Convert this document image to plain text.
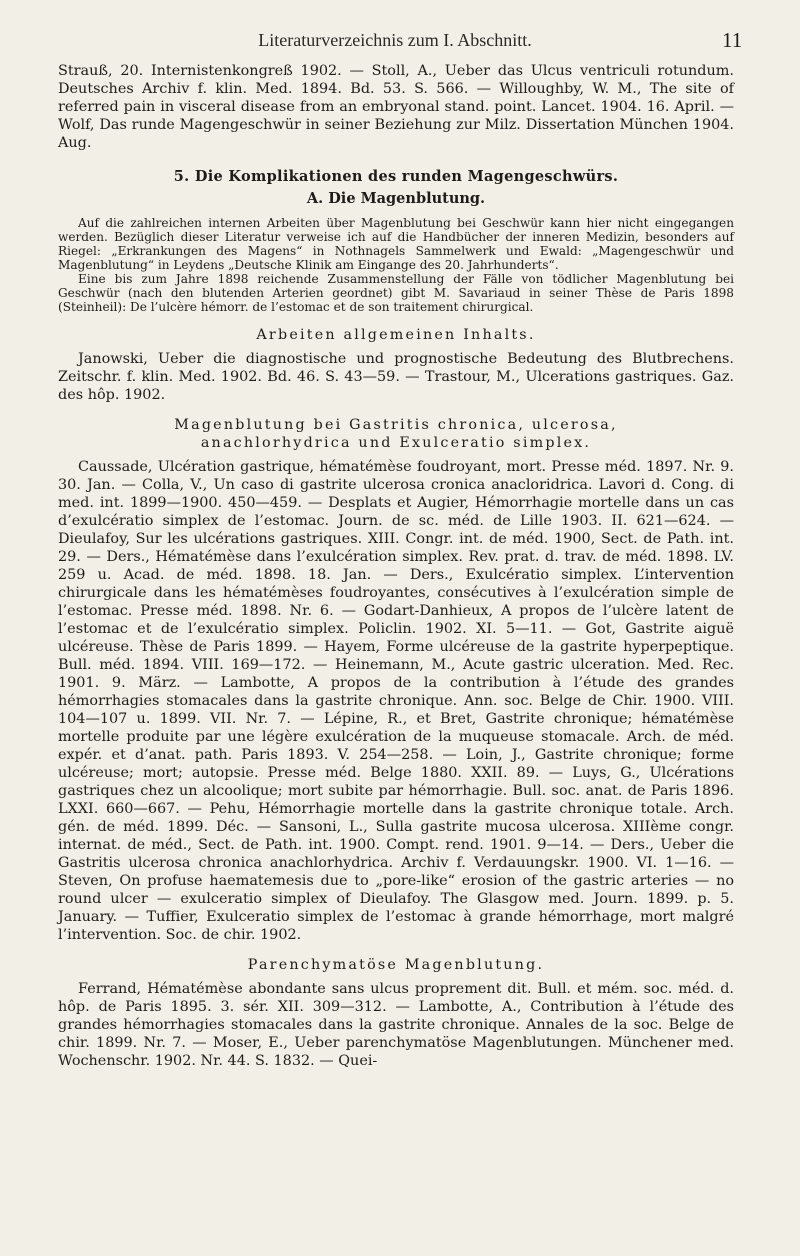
Literaturverzeichnis zum I. Abschnitt.	11

Strauß, 20. Internistenkongreß 1902. — Stoll, A., Ueber das Ulcus ventriculi rotundum. Deutsches Archiv f. klin. Med. 1894. Bd. 53. S. 566. — Willoughby, W. M., The site of referred pain in visceral disease from an embryonal stand. point. Lancet. 1904. 16. April. — Wolf, Das runde Magengeschwür in seiner Beziehung zur Milz. Dissertation München 1904. Aug.

5. Die Komplikationen des runden Magengeschwürs.
A. Die Magenblutung.

Auf die zahlreichen internen Arbeiten über Magenblutung bei Geschwür kann hier nicht eingegangen werden. Bezüglich dieser Literatur verweise ich auf die Handbücher der inneren Medizin, besonders auf Riegel: „Erkrankungen des Magens“ in Nothnagels Sammelwerk und Ewald: „Magengeschwür und Magenblutung“ in Leydens „Deutsche Klinik am Eingange des 20. Jahrhunderts“.

Eine bis zum Jahre 1898 reichende Zusammenstellung der Fälle von tödlicher Magenblutung bei Geschwür (nach den blutenden Arterien geordnet) gibt M. Savariaud in seiner Thèse de Paris 1898 (Steinheil): De l’ulcère hémorr. de l’estomac et de son traitement chirurgical.

Arbeiten allgemeinen Inhalts.

Janowski, Ueber die diagnostische und prognostische Bedeutung des Blutbrechens. Zeitschr. f. klin. Med. 1902. Bd. 46. S. 43—59. — Trastour, M., Ulcerations gastriques. Gaz. des hôp. 1902.

Magenblutung bei Gastritis chronica, ulcerosa,
anachlorhydrica und Exulceratio simplex.

Caussade, Ulcération gastrique, hématémèse foudroyant, mort. Presse méd. 1897. Nr. 9. 30. Jan. — Colla, V., Un caso di gastrite ulcerosa cronica anacloridrica. Lavori d. Cong. di med. int. 1899—1900. 450—459. — Desplats et Augier, Hémorrhagie mortelle dans un cas d’exulcératio simplex de l’estomac. Journ. de sc. méd. de Lille 1903. II. 621—624. — Dieulafoy, Sur les ulcérations gastriques. XIII. Congr. int. de méd. 1900, Sect. de Path. int. 29. — Ders., Hématémèse dans l’exulcération simplex. Rev. prat. d. trav. de méd. 1898. LV. 259 u. Acad. de méd. 1898. 18. Jan. — Ders., Exulcératio simplex. L’intervention chirurgicale dans les hématémèses foudroyantes, consécutives à l’exulcération simple de l’estomac. Presse méd. 1898. Nr. 6. — Godart-Danhieux, A propos de l’ulcère latent de l’estomac et de l’exulcératio simplex. Policlin. 1902. XI. 5—11. — Got, Gastrite aiguë ulcéreuse. Thèse de Paris 1899. — Hayem, Forme ulcéreuse de la gastrite hyperpeptique. Bull. méd. 1894. VIII. 169—172. — Heinemann, M., Acute gastric ulceration. Med. Rec. 1901. 9. März. — Lambotte, A propos de la contribution à l’étude des grandes hémorrhagies stomacales dans la gastrite chronique. Ann. soc. Belge de Chir. 1900. VIII. 104—107 u. 1899. VII. Nr. 7. — Lépine, R., et Bret, Gastrite chronique; hématémèse mortelle produite par une légère exulcération de la muqueuse stomacale. Arch. de méd. expér. et d’anat. path. Paris 1893. V. 254—258. — Loin, J., Gastrite chronique; forme ulcéreuse; mort; autopsie. Presse méd. Belge 1880. XXII. 89. — Luys, G., Ulcérations gastriques chez un alcoolique; mort subite par hémorrhagie. Bull. soc. anat. de Paris 1896. LXXI. 660—667. — Pehu, Hémorrhagie mortelle dans la gastrite chronique totale. Arch. gén. de méd. 1899. Déc. — Sansoni, L., Sulla gastrite mucosa ulcerosa. XIIIème congr. internat. de méd., Sect. de Path. int. 1900. Compt. rend. 1901. 9—14. — Ders., Ueber die Gastritis ulcerosa chronica anachlorhydrica. Archiv f. Verdauungskr. 1900. VI. 1—16. — Steven, On profuse haematemesis due to „pore-like“ erosion of the gastric arteries — no round ulcer — exulceratio simplex of Dieulafoy. The Glasgow med. Journ. 1899. p. 5. January. — Tuffier, Exulceratio simplex de l’estomac à grande hémorrhage, mort malgré l’intervention. Soc. de chir. 1902.

Parenchymatöse Magenblutung.

Ferrand, Hématémèse abondante sans ulcus proprement dit. Bull. et mém. soc. méd. d. hôp. de Paris 1895. 3. sér. XII. 309—312. — Lambotte, A., Contribution à l’étude des grandes hémorrhagies stomacales dans la gastrite chronique. Annales de la soc. Belge de chir. 1899. Nr. 7. — Moser, E., Ueber parenchymatöse Magenblutungen. Münchener med. Wochenschr. 1902. Nr. 44. S. 1832. — Quei-
